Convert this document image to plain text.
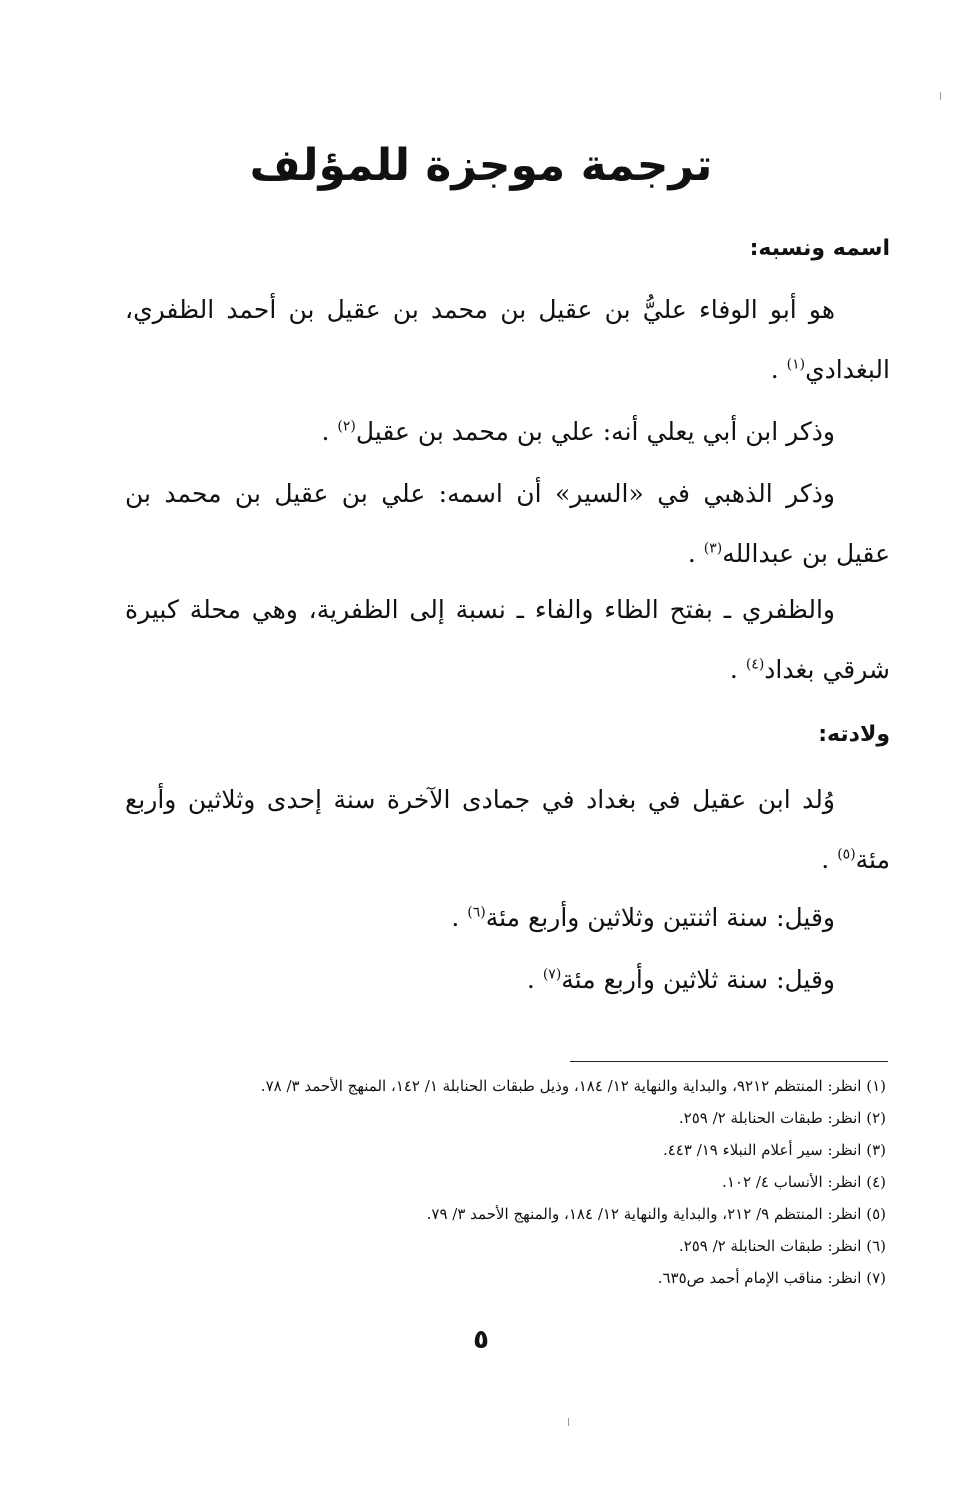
ترجمة موجزة للمؤلف
اسمه ونسبه:

هو أبو الوفاء عليُّ بن عقيل بن محمد بن عقيل بن أحمد الظفري، البغدادي$^{(١)}$ .

وذكر ابن أبي يعلي أنه: علي بن محمد بن عقيل$^{(٢)}$ .

وذكر الذهبي في «السير» أن اسمه: علي بن عقيل بن محمد بن عقيل بن عبدالله$^{(٣)}$ .

والظفري ـ بفتح الظاء والفاء ـ نسبة إلى الظفرية، وهي محلة كبيرة شرقي بغداد$^{(٤)}$ .

ولادته:

وُلد ابن عقيل في بغداد في جمادى الآخرة سنة إحدى وثلاثين وأربع مئة$^{(٥)}$ .

وقيل: سنة اثنتين وثلاثين وأربع مئة$^{(٦)}$ .

وقيل: سنة ثلاثين وأربع مئة$^{(٧)}$ .

(١) انظر: المنتظم ٩٢١٢، والبداية والنهاية ١٢/ ١٨٤، وذيل طبقات الحنابلة ١/ ١٤٢، المنهج الأحمد ٣/ ٧٨.
(٢) انظر: طبقات الحنابلة ٢/ ٢٥٩.
(٣) انظر: سير أعلام النبلاء ١٩/ ٤٤٣.
(٤) انظر: الأنساب ٤/ ١٠٢.
(٥) انظر: المنتظم ٩/ ٢١٢، والبداية والنهاية ١٢/ ١٨٤، والمنهج الأحمد ٣/ ٧٩.
(٦) انظر: طبقات الحنابلة ٢/ ٢٥٩.
(٧) انظر: مناقب الإمام أحمد ص٦٣٥.
٥
